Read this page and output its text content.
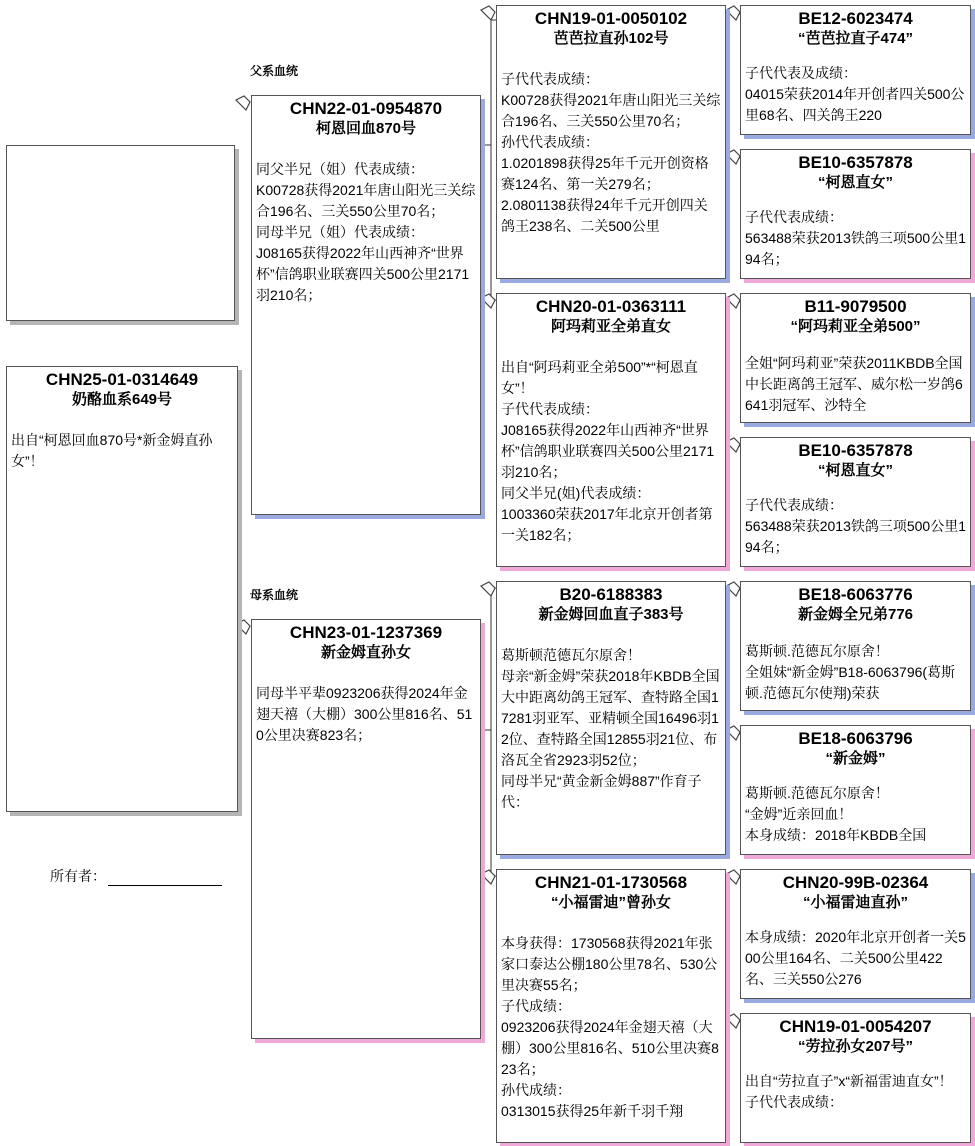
CHN25-01-0314649
奶酪血系649号
出自“柯恩回血870号*新金姆直孙女”！
所有者：
父系血统
母系血统
CHN22-01-0954870
柯恩回血870号
同父半兄（姐）代表成绩：
K00728获得2021年唐山阳光三关综合196名、三关550公里70名；
同母半兄（姐）代表成绩：
J08165获得2022年山西神齐“世界杯”信鸽职业联赛四关500公里2171羽210名；
CHN23-01-1237369
新金姆直孙女
同母半平辈0923206获得2024年金翅天禧（大棚）300公里816名、510公里决赛823名；
CHN19-01-0050102
芭芭拉直孙102号
子代代表成绩：
K00728获得2021年唐山阳光三关综合196名、三关550公里70名；
孙代代表成绩：
1.0201898获得25年千元开创资格赛124名、第一关279名；
2.0801138获得24年千元开创四关鸽王238名、二关500公里
CHN20-01-0363111
阿玛莉亚全弟直女
出自“阿玛莉亚全弟500”*“柯恩直女”！
子代代表成绩：
J08165获得2022年山西神齐“世界杯”信鸽职业联赛四关500公里2171羽210名；
同父半兄(姐)代表成绩：
1003360荣获2017年北京开创者第一关182名；
B20-6188383
新金姆回血直子383号
葛斯顿范德瓦尔原舍！
母亲“新金姆”荣获2018年KBDB全国大中距离幼鸽王冠军、查特路全国17281羽亚军、亚精顿全国16496羽12位、查特路全国12855羽21位、布洛瓦全省2923羽52位；
同母半兄“黄金新金姆887”作育子代：
CHN21-01-1730568
“小福雷迪”曾孙女
本身获得：1730568获得2021年张家口泰达公棚180公里78名、530公里决赛55名；
子代成绩：
0923206获得2024年金翅天禧（大棚）300公里816名、510公里决赛823名；
孙代成绩：
0313015获得25年新千羽千翔
BE12-6023474
“芭芭拉直子474”
子代代表及成绩：
04015荣获2014年开创者四关500公里68名、四关鸽王220
BE10-6357878
“柯恩直女”
子代代表成绩：
563488荣获2013铁鸽三项500公里194名；
B11-9079500
“阿玛莉亚全弟500”
全姐“阿玛莉亚”荣获2011KBDB全国中长距离鸽王冠军、威尔松一岁鸽6641羽冠军、沙特全
BE10-6357878
“柯恩直女”
子代代表成绩：
563488荣获2013铁鸽三项500公里194名；
BE18-6063776
新金姆全兄弟776
葛斯顿.范德瓦尔原舍！
全姐妹“新金姆”B18-6063796(葛斯顿.范德瓦尔使翔)荣获
BE18-6063796
“新金姆”
葛斯顿.范德瓦尔原舍！
“金姆”近亲回血！
本身成绩：2018年KBDB全国
CHN20-99B-02364
“小福雷迪直孙”
本身成绩：2020年北京开创者一关500公里164名、二关500公里422名、三关550公276
CHN19-01-0054207
“劳拉孙女207号”
出自“劳拉直子”x“新福雷迪直女”！
子代代表成绩：
